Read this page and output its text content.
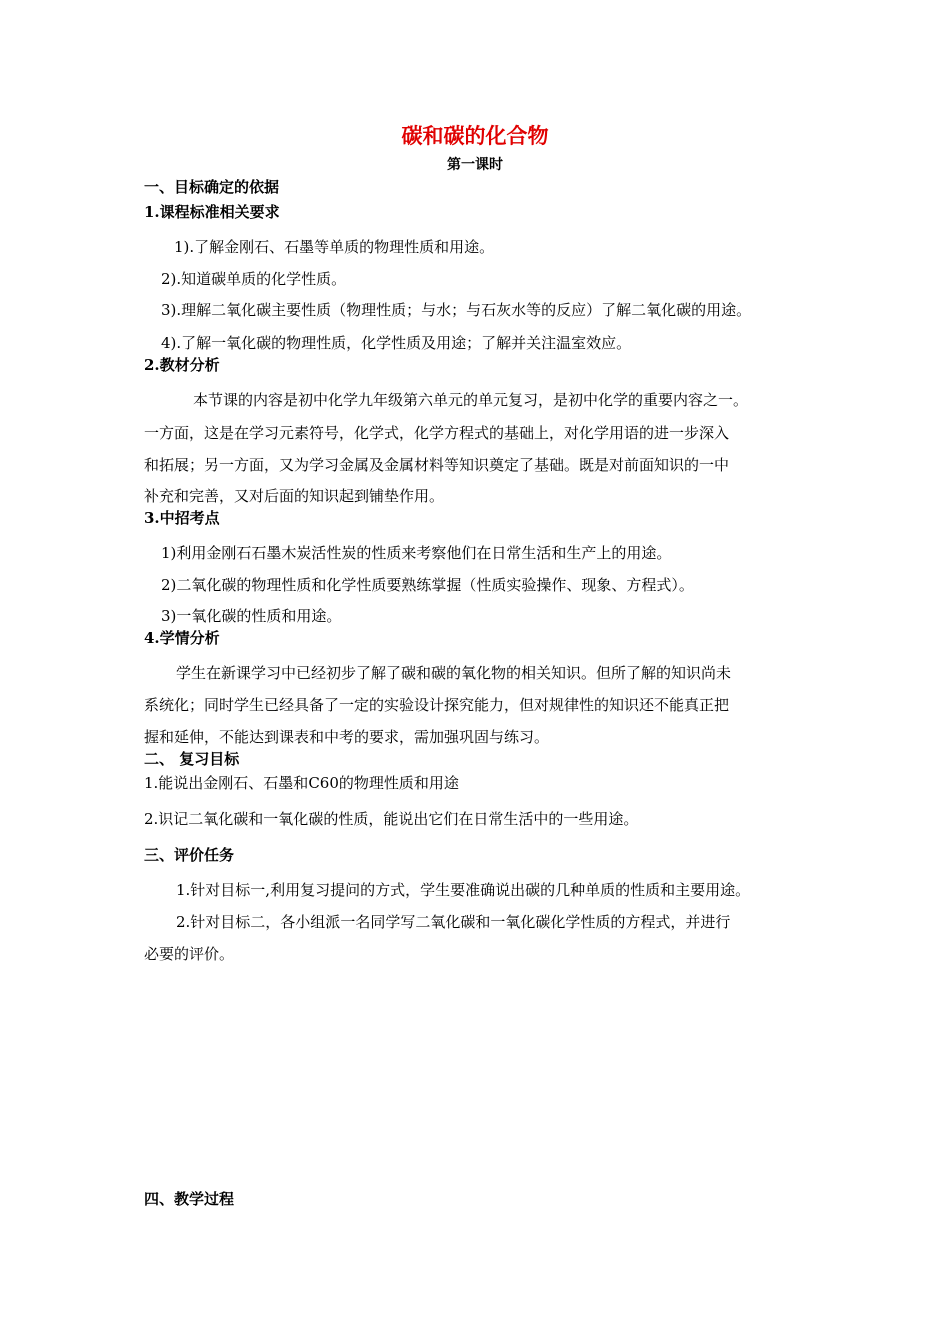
碳和碳的化合物
第一课时
一、目标确定的依据
1.课程标准相关要求
1).了解金刚石、石墨等单质的物理性质和用途。
2).知道碳单质的化学性质。
3).理解二氧化碳主要性质（物理性质；与水；与石灰水等的反应）了解二氧化碳的用途。
4).了解一氧化碳的物理性质，化学性质及用途；了解并关注温室效应。
2.教材分析
本节课的内容是初中化学九年级第六单元的单元复习，是初中化学的重要内容之一。
一方面，这是在学习元素符号，化学式，化学方程式的基础上，对化学用语的进一步深入
和拓展；另一方面，又为学习金属及金属材料等知识奠定了基础。既是对前面知识的一中
补充和完善，又对后面的知识起到铺垫作用。
3.中招考点
1)利用金刚石石墨木炭活性炭的性质来考察他们在日常生活和生产上的用途。
2)二氧化碳的物理性质和化学性质要熟练掌握（性质实验操作、现象、方程式）。
3)一氧化碳的性质和用途。
4.学情分析
学生在新课学习中已经初步了解了碳和碳的氧化物的相关知识。但所了解的知识尚未
系统化；同时学生已经具备了一定的实验设计探究能力，但对规律性的知识还不能真正把
握和延伸，不能达到课表和中考的要求，需加强巩固与练习。
二、 复习目标
1.能说出金刚石、石墨和C60的物理性质和用途
2.识记二氧化碳和一氧化碳的性质，能说出它们在日常生活中的一些用途。
三、评价任务
1.针对目标一,利用复习提问的方式，学生要准确说出碳的几种单质的性质和主要用途。
2.针对目标二，各小组派一名同学写二氧化碳和一氧化碳化学性质的方程式，并进行
必要的评价。
四、教学过程
